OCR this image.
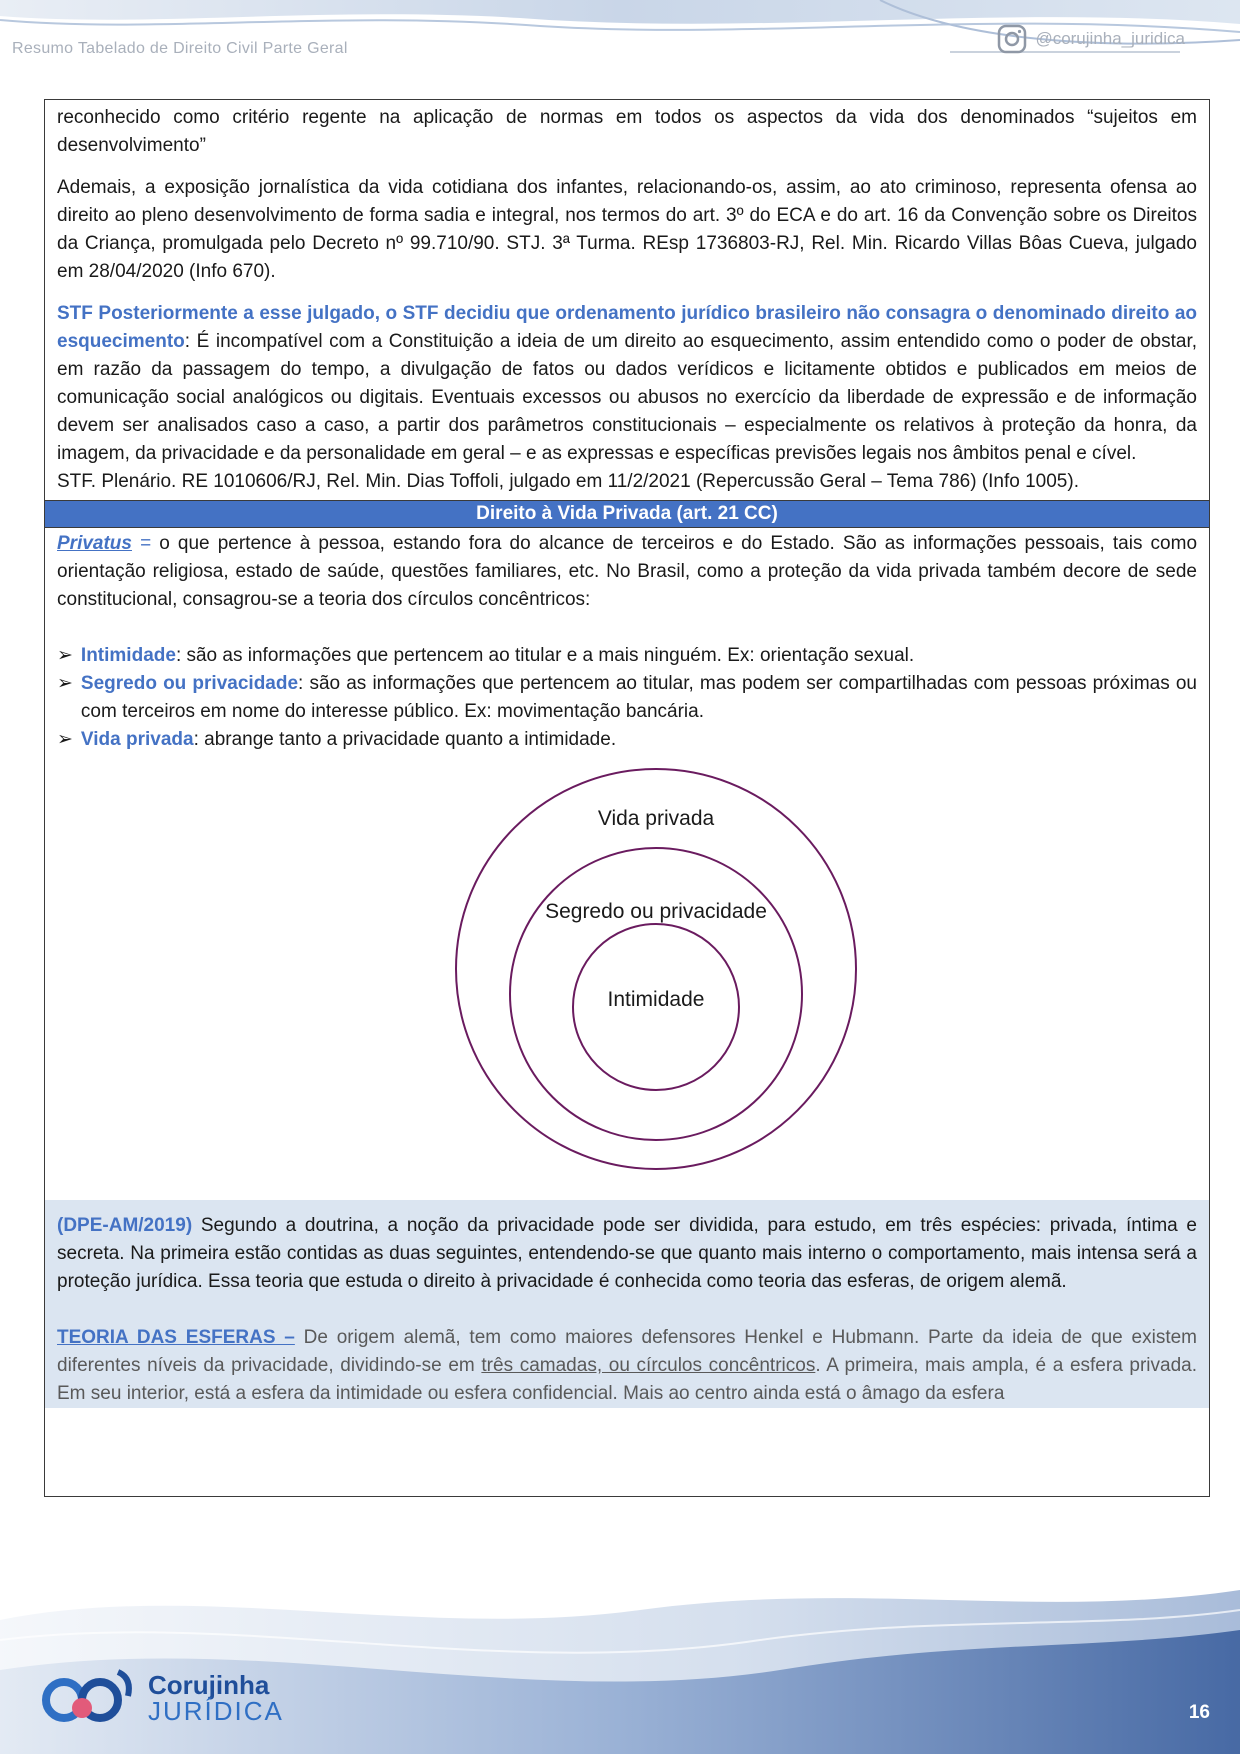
Resumo Tabelado de Direito Civil Parte Geral
@corujinha_juridica

reconhecido como critério regente na aplicação de normas em todos os aspectos da vida dos denominados “sujeitos em desenvolvimento”

Ademais, a exposição jornalística da vida cotidiana dos infantes, relacionando-os, assim, ao ato criminoso, representa ofensa ao direito ao pleno desenvolvimento de forma sadia e integral, nos termos do art. 3º do ECA e do art. 16 da Convenção sobre os Direitos da Criança, promulgada pelo Decreto nº 99.710/90. STJ. 3ª Turma. REsp 1736803-RJ, Rel. Min. Ricardo Villas Bôas Cueva, julgado em 28/04/2020 (Info 670).

STF Posteriormente a esse julgado, o STF decidiu que ordenamento jurídico brasileiro não consagra o denominado direito ao esquecimento: É incompatível com a Constituição a ideia de um direito ao esquecimento, assim entendido como o poder de obstar, em razão da passagem do tempo, a divulgação de fatos ou dados verídicos e licitamente obtidos e publicados em meios de comunicação social analógicos ou digitais. Eventuais excessos ou abusos no exercício da liberdade de expressão e de informação devem ser analisados caso a caso, a partir dos parâmetros constitucionais – especialmente os relativos à proteção da honra, da imagem, da privacidade e da personalidade em geral – e as expressas e específicas previsões legais nos âmbitos penal e cível.

STF. Plenário. RE 1010606/RJ, Rel. Min. Dias Toffoli, julgado em 11/2/2021 (Repercussão Geral – Tema 786) (Info 1005).

Direito à Vida Privada (art. 21 CC)

Privatus = o que pertence à pessoa, estando fora do alcance de terceiros e do Estado. São as informações pessoais, tais como orientação religiosa, estado de saúde, questões familiares, etc. No Brasil, como a proteção da vida privada também decore de sede constitucional, consagrou-se a teoria dos círculos concêntricos:

➢ Intimidade: são as informações que pertencem ao titular e a mais ninguém. Ex: orientação sexual.
➢ Segredo ou privacidade: são as informações que pertencem ao titular, mas podem ser compartilhadas com pessoas próximas ou com terceiros em nome do interesse público. Ex: movimentação bancária.
➢ Vida privada: abrange tanto a privacidade quanto a intimidade.
Vida privada
Segredo ou privacidade
Intimidade

(DPE-AM/2019) Segundo a doutrina, a noção da privacidade pode ser dividida, para estudo, em três espécies: privada, íntima e secreta. Na primeira estão contidas as duas seguintes, entendendo-se que quanto mais interno o comportamento, mais intensa será a proteção jurídica. Essa teoria que estuda o direito à privacidade é conhecida como teoria das esferas, de origem alemã.

TEORIA DAS ESFERAS – De origem alemã, tem como maiores defensores Henkel e Hubmann. Parte da ideia de que existem diferentes níveis da privacidade, dividindo-se em três camadas, ou círculos concêntricos. A primeira, mais ampla, é a esfera privada. Em seu interior, está a esfera da intimidade ou esfera confidencial. Mais ao centro ainda está o âmago da esfera

Corujinha
JURÍDICA	16
